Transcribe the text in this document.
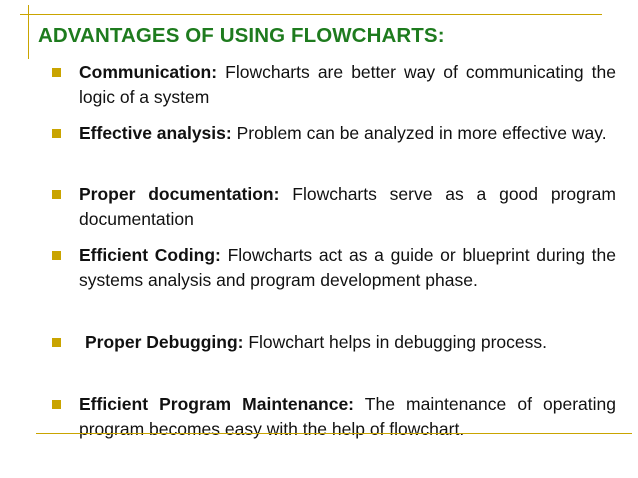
ADVANTAGES OF USING FLOWCHARTS:
Communication: Flowcharts are better way of communicating the logic of a system
Effective analysis: Problem can be analyzed in more effective way.
Proper documentation: Flowcharts serve as a good program documentation
Efficient Coding: Flowcharts act as a guide or blueprint during the systems analysis and program development phase.
Proper Debugging: Flowchart helps in debugging process.
Efficient Program Maintenance: The maintenance of operating program becomes easy with the help of flowchart.
